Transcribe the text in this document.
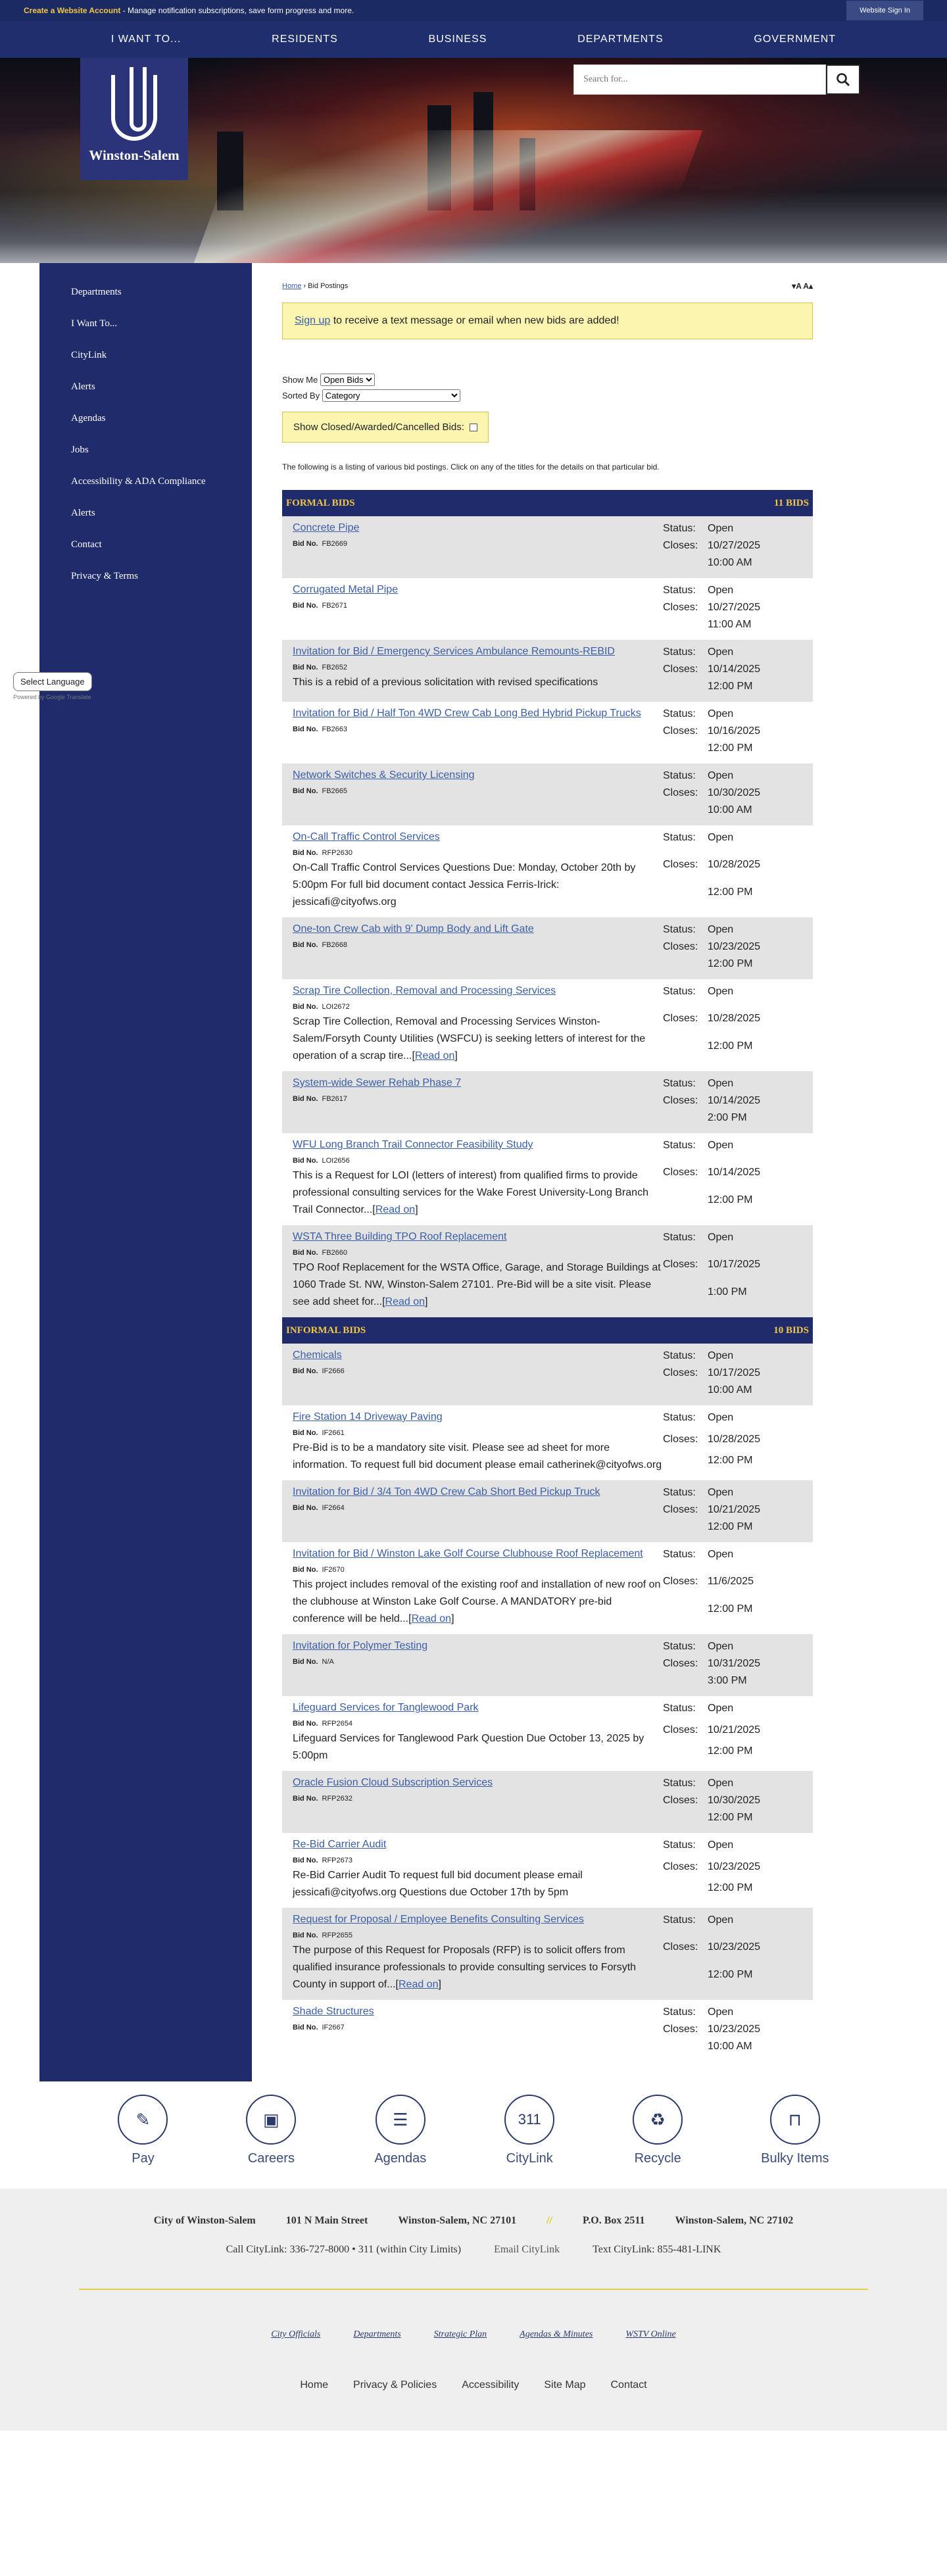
Create a Website Account - Manage notification subscriptions, save form progress and more.	Website Sign In
I WANT TO...	RESIDENTS	BUSINESS	DEPARTMENTS	GOVERNMENT
Winston-Salem
Search for...
Select Language
Powered by Google Translate
Departments
I Want To...
CityLink
Alerts
Agendas
Jobs
Accessibility & ADA Compliance
Alerts
Contact
Privacy & Terms
Home › Bid Postings	▾A A▴
Sign up to receive a text message or email when new bids are added!
Show Me
Open Bids
Sorted By
Category
Show Closed/Awarded/Cancelled Bids:

The following is a listing of various bid postings. Click on any of the titles for the details on that particular bid.

FORMAL BIDS	11 BIDS
Concrete Pipe
Bid No. FB2669
Status:	Open
Closes: 10/27/2025
10:00 AM
Corrugated Metal Pipe
Bid No. FB2671
Status:	Open
Closes: 10/27/2025
11:00 AM
Invitation for Bid / Emergency Services Ambulance Remounts-REBID
Bid No. FB2652
This is a rebid of a previous solicitation with revised specifications
Status:	Open
Closes: 10/14/2025
12:00 PM
Invitation for Bid / Half Ton 4WD Crew Cab Long Bed Hybrid Pickup Trucks
Bid No. FB2663
Status:	Open
Closes: 10/16/2025
12:00 PM
Network Switches & Security Licensing
Bid No. FB2665
Status:	Open
Closes: 10/30/2025
10:00 AM
On-Call Traffic Control Services
Bid No. RFP2630
On-Call Traffic Control Services Questions Due: Monday, October 20th by 5:00pm For full bid document contact Jessica Ferris-Irick: jessicafi@cityofws.org
Status:	Open
Closes: 10/28/2025
12:00 PM
One-ton Crew Cab with 9' Dump Body and Lift Gate
Bid No. FB2668
Status:	Open
Closes: 10/23/2025
12:00 PM
Scrap Tire Collection, Removal and Processing Services
Bid No. LOI2672
Scrap Tire Collection, Removal and Processing Services Winston-Salem/Forsyth County Utilities (WSFCU) is seeking letters of interest for the operation of a scrap tire...[Read on]
Status:	Open
Closes: 10/28/2025
12:00 PM
System-wide Sewer Rehab Phase 7
Bid No. FB2617
Status:	Open
Closes: 10/14/2025
2:00 PM
WFU Long Branch Trail Connector Feasibility Study
Bid No. LOI2656
This is a Request for LOI (letters of interest) from qualified firms to provide professional consulting services for the Wake Forest University-Long Branch Trail Connector...[Read on]
Status:	Open
Closes: 10/14/2025
12:00 PM
WSTA Three Building TPO Roof Replacement
Bid No. FB2660
TPO Roof Replacement for the WSTA Office, Garage, and Storage Buildings at 1060 Trade St. NW, Winston-Salem 27101. Pre-Bid will be a site visit. Please see add sheet for...[Read on]
Status:	Open
Closes: 10/17/2025
1:00 PM
INFORMAL BIDS	10 BIDS
Chemicals
Bid No. IF2666
Status:	Open
Closes: 10/17/2025
10:00 AM
Fire Station 14 Driveway Paving
Bid No. IF2661
Pre-Bid is to be a mandatory site visit. Please see ad sheet for more information. To request full bid document please email catherinek@cityofws.org
Status:	Open
Closes: 10/28/2025
12:00 PM
Invitation for Bid / 3/4 Ton 4WD Crew Cab Short Bed Pickup Truck
Bid No. IF2664
Status:	Open
Closes: 10/21/2025
12:00 PM
Invitation for Bid / Winston Lake Golf Course Clubhouse Roof Replacement
Bid No. IF2670
This project includes removal of the existing roof and installation of new roof on the clubhouse at Winston Lake Golf Course. A MANDATORY pre-bid conference will be held...[Read on]
Status:	Open
Closes: 11/6/2025
12:00 PM
Invitation for Polymer Testing
Bid No. N/A
Status:	Open
Closes: 10/31/2025
3:00 PM
Lifeguard Services for Tanglewood Park
Bid No. RFP2654
Lifeguard Services for Tanglewood Park Question Due October 13, 2025 by 5:00pm
Status:	Open
Closes: 10/21/2025
12:00 PM
Oracle Fusion Cloud Subscription Services
Bid No. RFP2632
Status:	Open
Closes: 10/30/2025
12:00 PM
Re-Bid Carrier Audit
Bid No. RFP2673
Re-Bid Carrier Audit To request full bid document please email jessicafi@cityofws.org Questions due October 17th by 5pm
Status:	Open
Closes: 10/23/2025
12:00 PM
Request for Proposal / Employee Benefits Consulting Services
Bid No. RFP2655
The purpose of this Request for Proposals (RFP) is to solicit offers from qualified insurance professionals to provide consulting services to Forsyth County in support of...[Read on]
Status:	Open
Closes: 10/23/2025
12:00 PM
Shade Structures
Bid No. IF2667
Status:	Open
Closes: 10/23/2025
10:00 AM
✎
Pay
▣
Careers
☰
Agendas
311
CityLink
♻
Recycle
⊓
Bulky Items
City of Winston-Salem	101 N Main Street	Winston-Salem, NC 27101	//	P.O. Box 2511	Winston-Salem, NC 27102
Call CityLink: 336-727-8000 • 311 (within City Limits)	Email CityLink	Text CityLink: 855-481-LINK
City Officials	Departments	Strategic Plan	Agendas & Minutes	WSTV Online
Home Privacy & Policies Accessibility Site Map Contact
